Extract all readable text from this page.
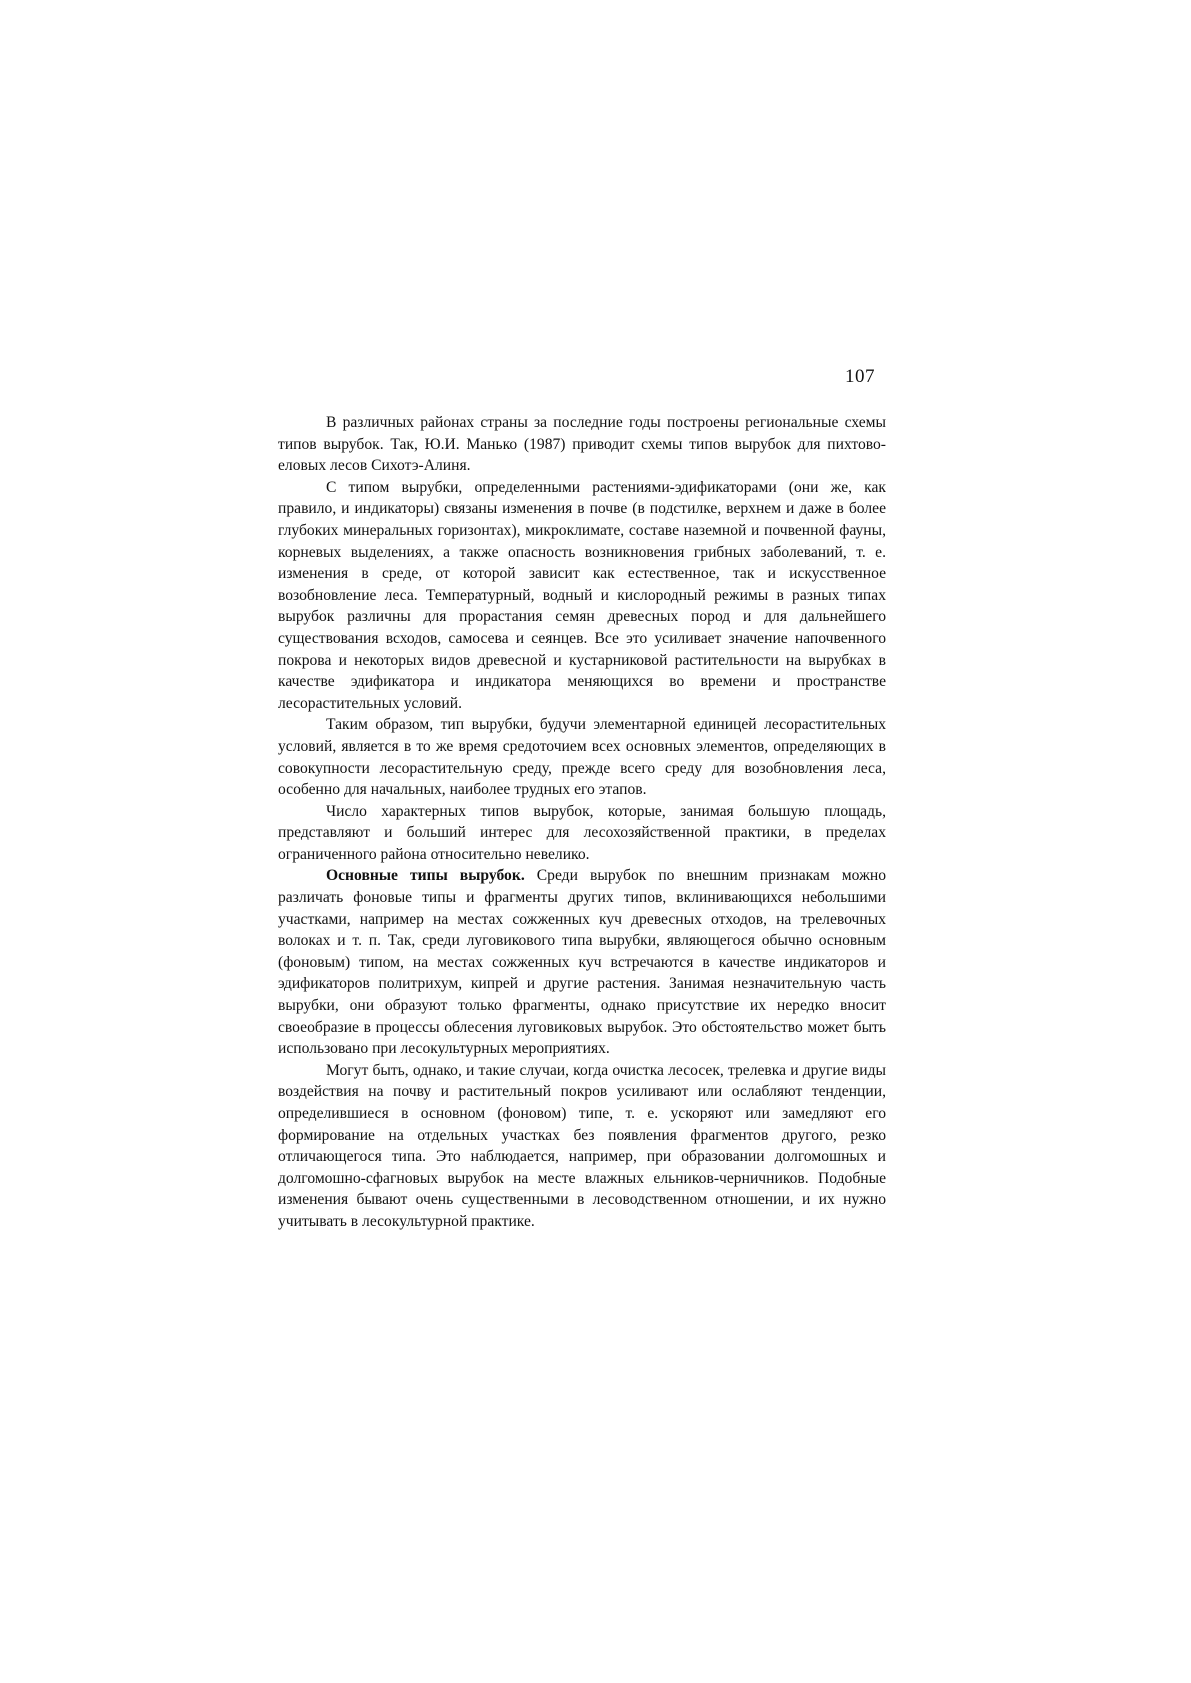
107

В различных районах страны за последние годы построены региональные схемы типов вырубок. Так, Ю.И. Манько (1987) приводит схемы типов вырубок для пихтово-еловых лесов Сихотэ-Алиня.

С типом вырубки, определенными растениями-эдификаторами (они же, как правило, и индикаторы) связаны изменения в почве (в подстилке, верхнем и даже в более глубоких минеральных горизонтах), микроклимате, составе наземной и почвенной фауны, корневых выделениях, а также опасность возникновения грибных заболеваний, т. е. изменения в среде, от которой зависит как естественное, так и искусственное возобновление леса. Температурный, водный и кислородный режимы в разных типах вырубок различны для прорастания семян древесных пород и для дальнейшего существования всходов, самосева и сеянцев. Все это усиливает значение напочвенного покрова и некоторых видов древесной и кустарниковой растительности на вырубках в качестве эдификатора и индикатора меняющихся во времени и пространстве лесорастительных условий.

Таким образом, тип вырубки, будучи элементарной единицей лесорастительных условий, является в то же время средоточием всех основных элементов, определяющих в совокупности лесорастительную среду, прежде всего среду для возобновления леса, особенно для начальных, наиболее трудных его этапов.

Число характерных типов вырубок, которые, занимая большую площадь, представляют и больший интерес для лесохозяйственной практики, в пределах ограниченного района относительно невелико.

Основные типы вырубок. Среди вырубок по внешним признакам можно различать фоновые типы и фрагменты других типов, вклинивaющихся небольшими участками, например на местах сожженных куч древесных отходов, на трелевочных волоках и т. п. Так, среди луговикового типа вырубки, являющегося обычно основным (фоновым) типом, на местах сожженных куч встречаются в качестве индикаторов и эдификаторов политрихум, кипрей и другие растения. Занимая незначительную часть вырубки, они образуют только фрагменты, однако присутствие их нередко вносит своеобразие в процессы облесения луговиковых вырубок. Это обстоятельство может быть использовано при лесокультурных мероприятиях.

Могут быть, однако, и такие случаи, когда очистка лесосек, трелевка и другие виды воздействия на почву и растительный покров усиливают или ослабляют тенденции, определившиеся в основном (фоновом) типе, т. е. ускоряют или замедляют его формирование на отдельных участках без появления фрагментов другого, резко отличающегося типа. Это наблюдается, например, при образовании долгомошных и долгомошно-сфагновых вырубок на месте влажных ельников-черничников. Подобные изменения бывают очень существенными в лесоводственном отношении, и их нужно учитывать в лесокультурной практике.
